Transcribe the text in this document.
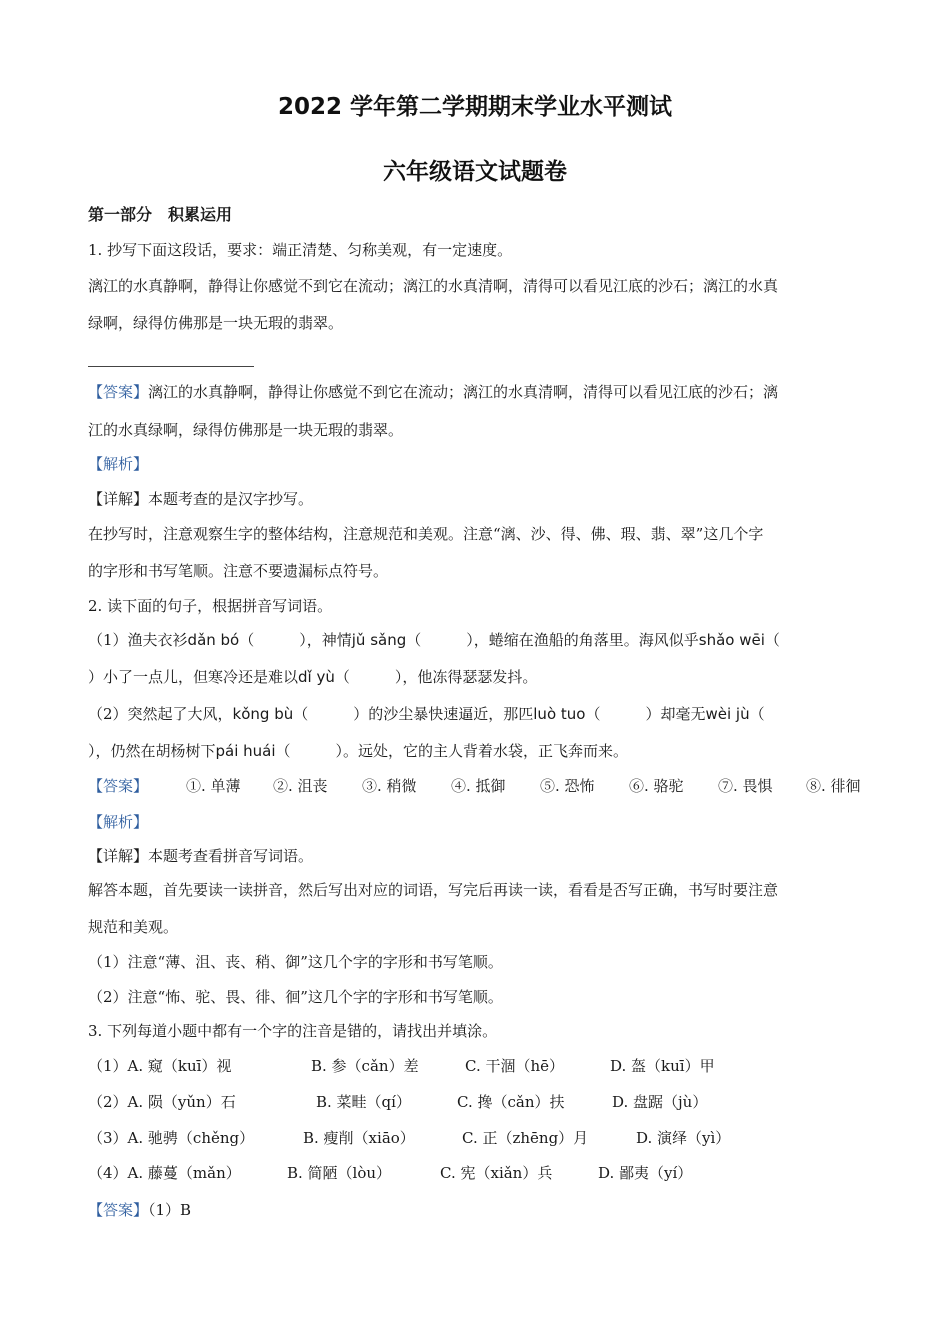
2022 学年第二学期期末学业水平测试
六年级语文试题卷
第一部分　积累运用
1. 抄写下面这段话，要求：端正清楚、匀称美观，有一定速度。
漓江的水真静啊，静得让你感觉不到它在流动；漓江的水真清啊，清得可以看见江底的沙石；漓江的水真
绿啊，绿得仿佛那是一块无瑕的翡翠。
【答案】漓江的水真静啊，静得让你感觉不到它在流动；漓江的水真清啊，清得可以看见江底的沙石；漓
江的水真绿啊，绿得仿佛那是一块无瑕的翡翠。
【解析】
【详解】本题考查的是汉字抄写。
在抄写时，注意观察生字的整体结构，注意规范和美观。注意“漓、沙、得、佛、瑕、翡、翠”这几个字
的字形和书写笔顺。注意不要遗漏标点符号。
2. 读下面的句子，根据拼音写词语。
（1）渔夫衣衫dǎn bó（　　　），神情jǔ sǎng（　　　），蜷缩在渔船的角落里。海风似乎shǎo wēi（
）小了一点儿，但寒冷还是难以dǐ yù（　　　），他冻得瑟瑟发抖。
（2）突然起了大风，kǒng bù（　　　）的沙尘暴快速逼近，那匹luò tuo（　　　）却毫无wèi jù（
），仍然在胡杨树下pái huái（　　　）。远处，它的主人背着水袋，正飞奔而来。
【答案】	①. 单薄 ②. 沮丧 ③. 稍微 ④. 抵御 ⑤. 恐怖 ⑥. 骆驼 ⑦. 畏惧 ⑧. 徘徊
【解析】
【详解】本题考查看拼音写词语。
解答本题，首先要读一读拼音，然后写出对应的词语，写完后再读一读，看看是否写正确，书写时要注意
规范和美观。
（1）注意“薄、沮、丧、稍、御”这几个字的字形和书写笔顺。
（2）注意“怖、驼、畏、徘、徊”这几个字的字形和书写笔顺。
3. 下列每道小题中都有一个字的注音是错的，请找出并填涂。
（1）A. 窥（kuī）视	B. 参（cǎn）差	C. 干涸（hē）	D. 盔（kuī）甲
（2）A. 陨（yǔn）石	B. 菜畦（qí）	C. 搀（cǎn）扶	D. 盘踞（jù）
（3）A. 驰骋（chěng）	B. 瘦削（xiāo）	C. 正（zhēng）月	D. 演绎（yì）
（4）A. 藤蔓（mǎn）	B. 简陋（lòu）	C. 宪（xiǎn）兵	D. 鄙夷（yí）
【答案】（1）B
